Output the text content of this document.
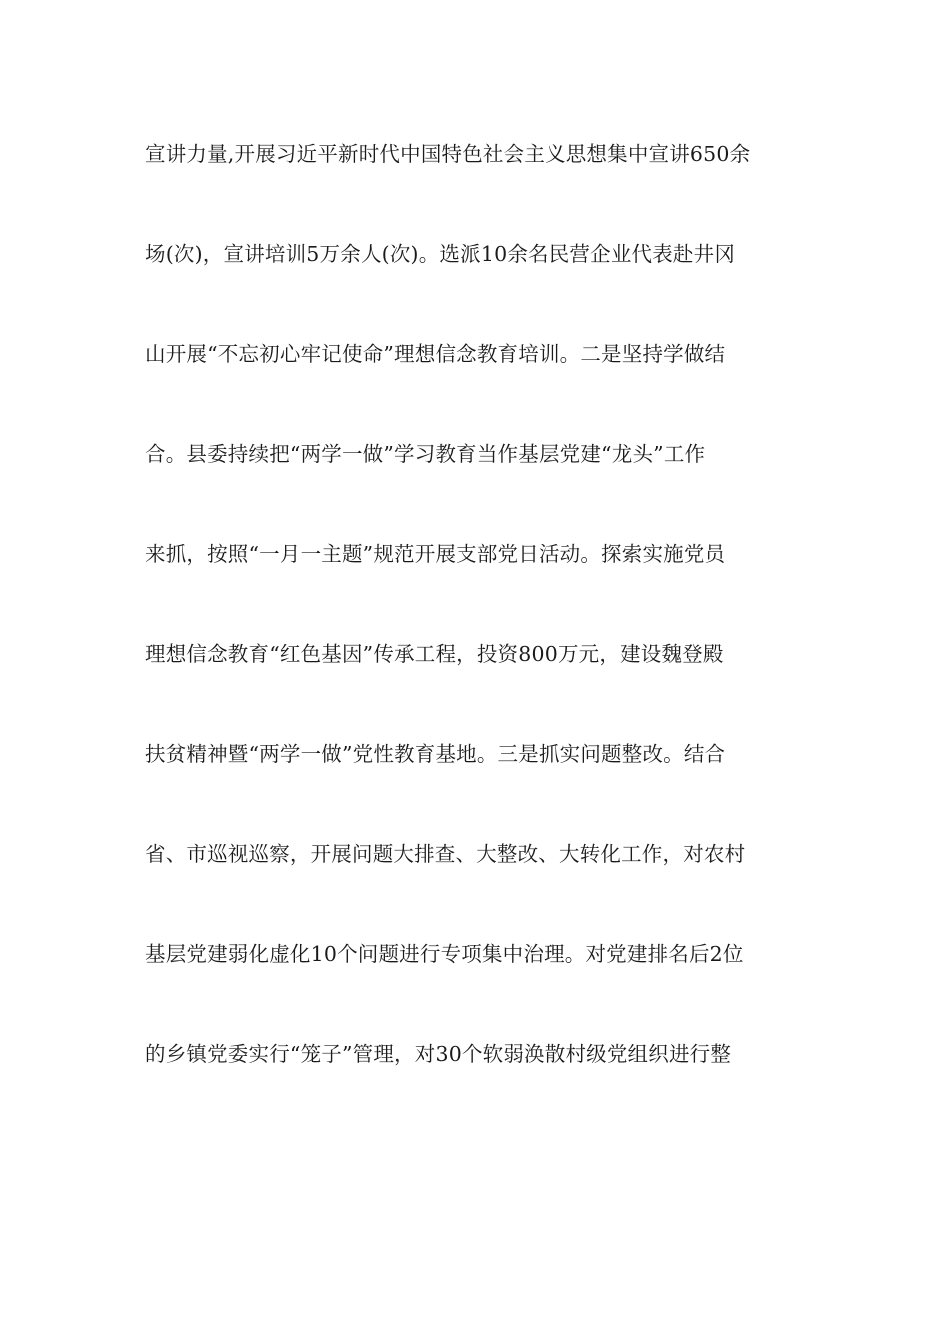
宣讲力量,开展习近平新时代中国特色社会主义思想集中宣讲650余
场(次)，宣讲培训5万余人(次)。选派10余名民营企业代表赴井冈
山开展“不忘初心牢记使命”理想信念教育培训。二是坚持学做结
合。县委持续把“两学一做”学习教育当作基层党建“龙头”工作
来抓，按照“一月一主题”规范开展支部党日活动。探索实施党员
理想信念教育“红色基因”传承工程，投资800万元，建设魏登殿
扶贫精神暨“两学一做”党性教育基地。三是抓实问题整改。结合
省、市巡视巡察，开展问题大排查、大整改、大转化工作，对农村
基层党建弱化虚化10个问题进行专项集中治理。对党建排名后2位
的乡镇党委实行“笼子”管理，对30个软弱涣散村级党组织进行整
